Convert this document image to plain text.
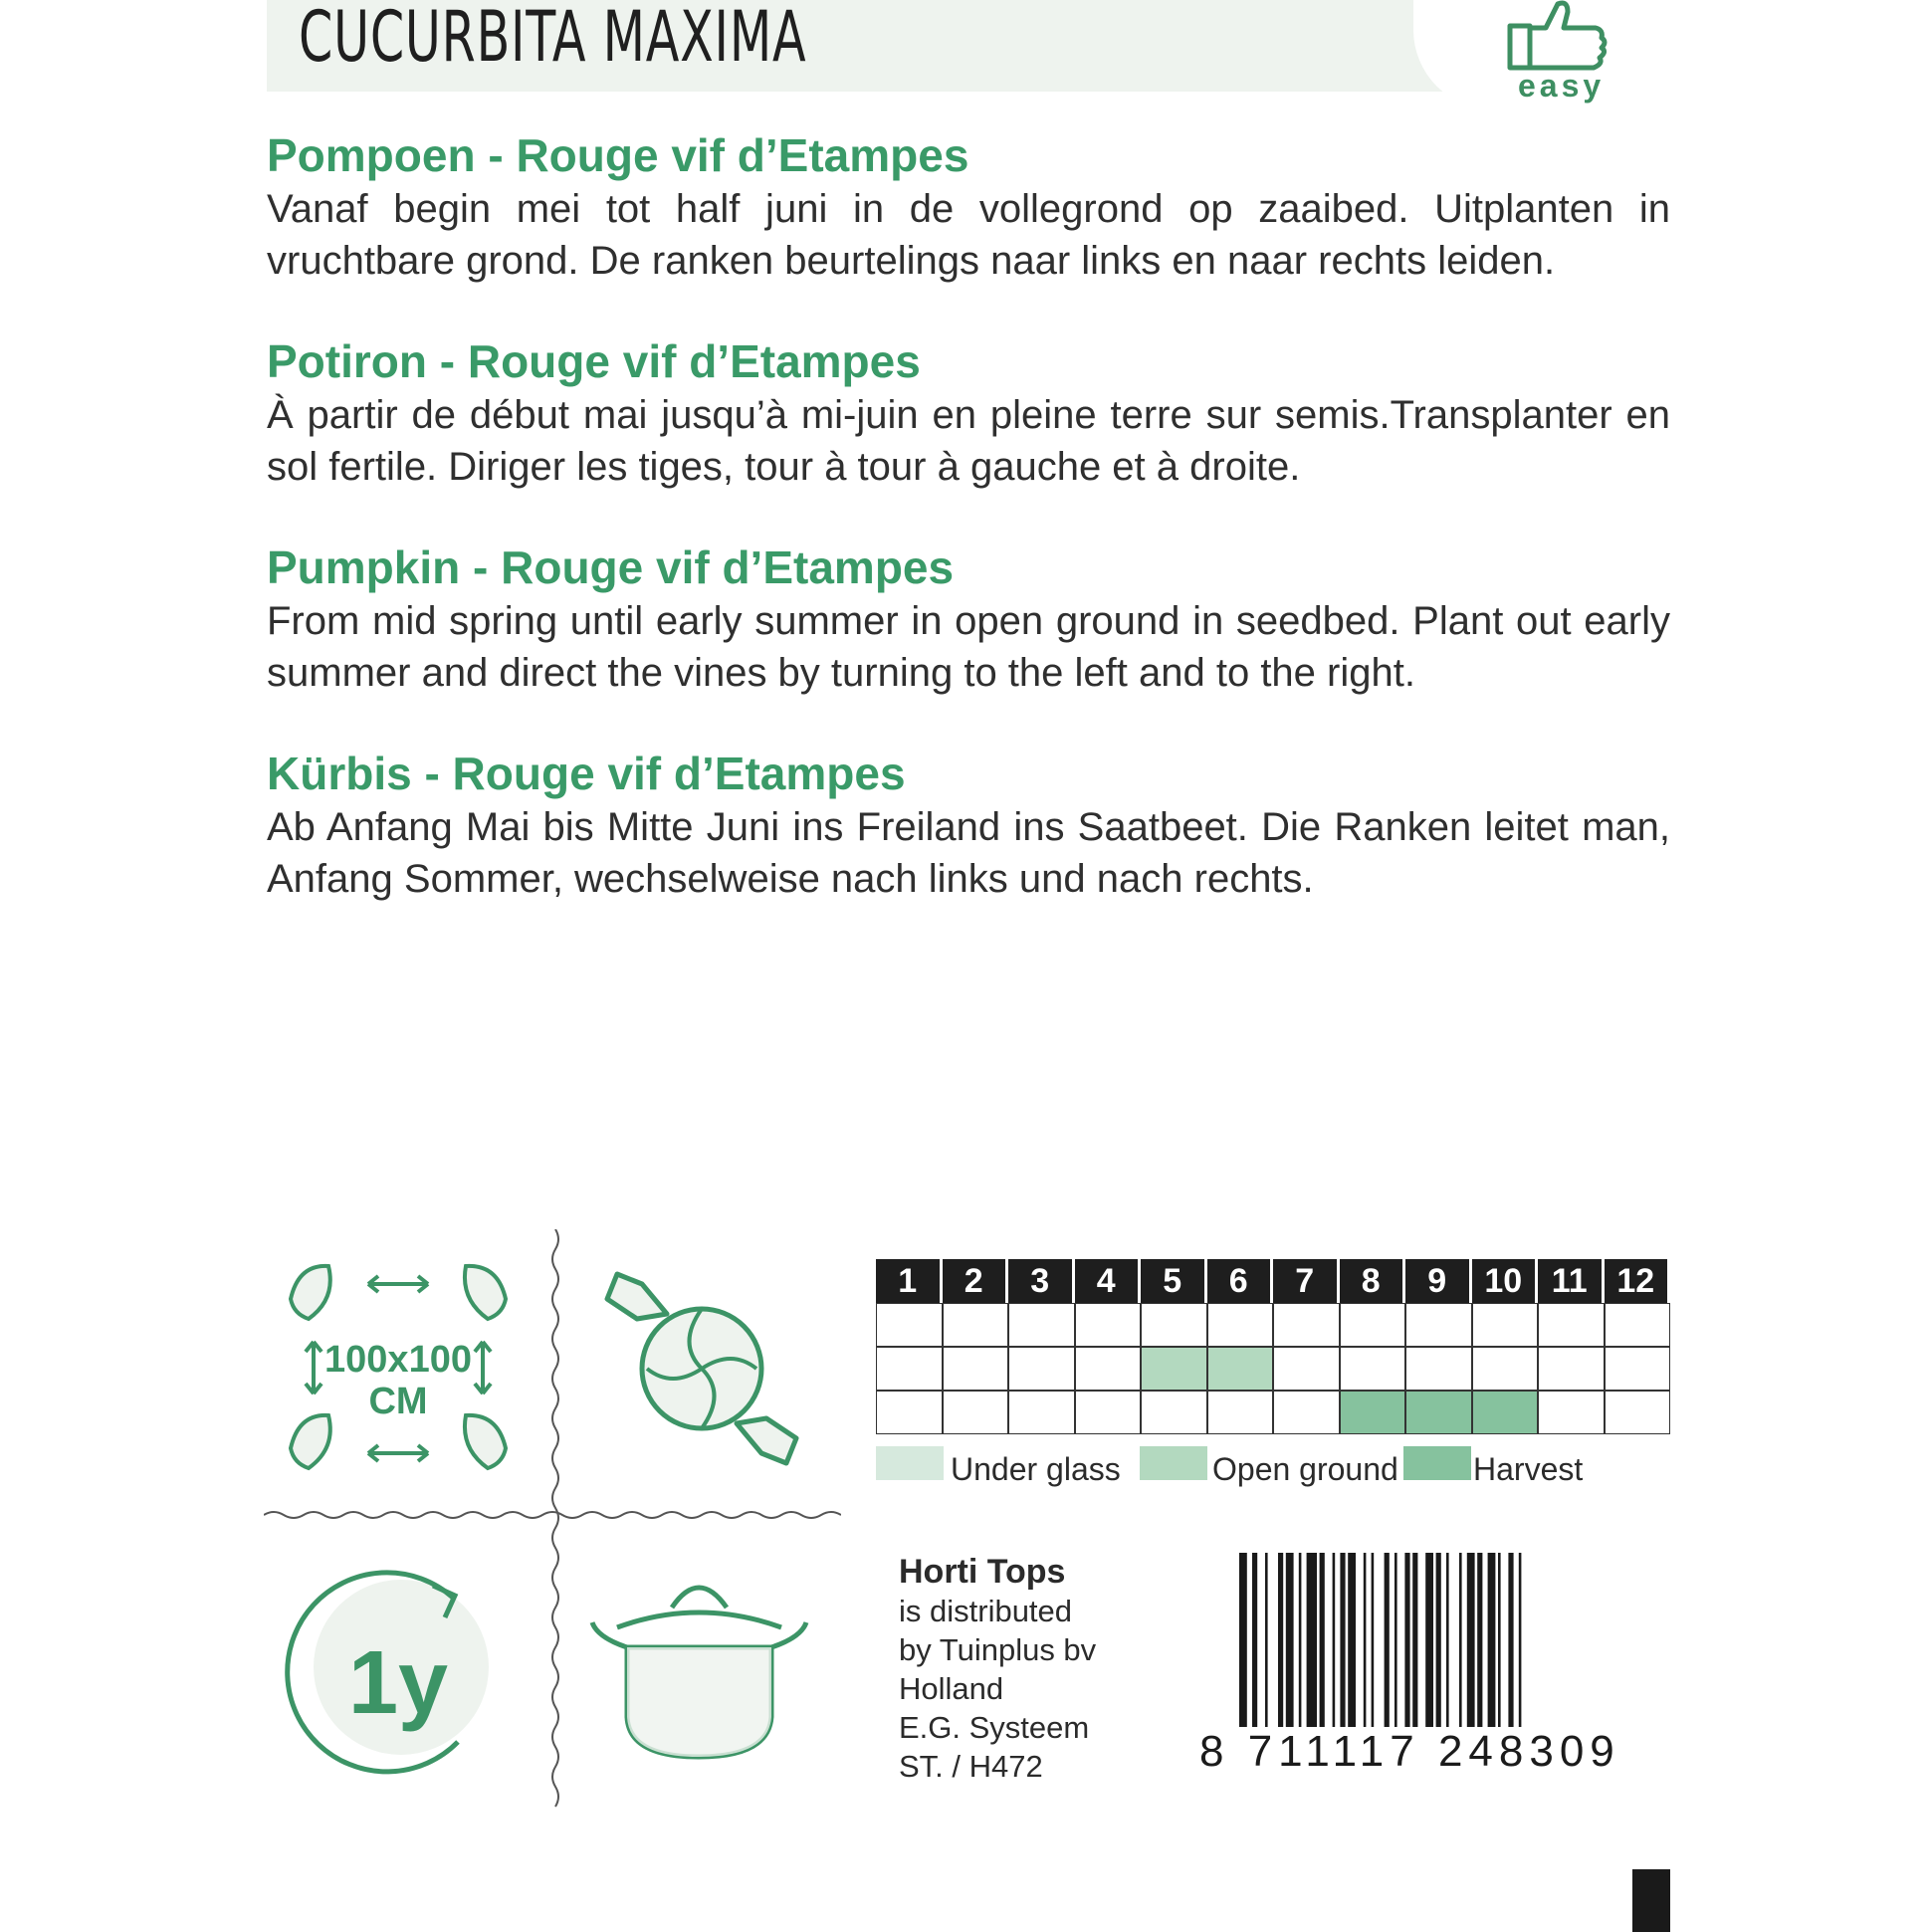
CUCURBITA MAXIMA
easy
Pompoen - Rouge vif d’Etampes

Vanaf begin mei tot half juni in de vollegrond op zaaibed. Uitplanten in vruchtbare grond. De ranken beurtelings naar links en naar rechts leiden.

Potiron - Rouge vif d’Etampes

À partir de début mai jusqu’à mi-juin en pleine terre sur semis.Transplanter en sol fertile. Diriger les tiges, tour à tour à gauche et à droite.

Pumpkin - Rouge vif d’Etampes

From mid spring until early summer in open ground in seedbed. Plant out early summer and direct the vines by turning to the left and to the right.

Kürbis - Rouge vif d’Etampes

Ab Anfang Mai bis Mitte Juni ins Freiland ins Saatbeet. Die Ranken leitet man, Anfang Sommer, wechselweise nach links und nach rechts.

100x100
CM
1y
1	2	3	4	5	6	7	8	9	10 11 12
Under glass	Open ground Harvest
Horti Tops
is distributed
by Tuinplus bv
Holland
E.G. Systeem
ST. / H472	8 711117 248309
